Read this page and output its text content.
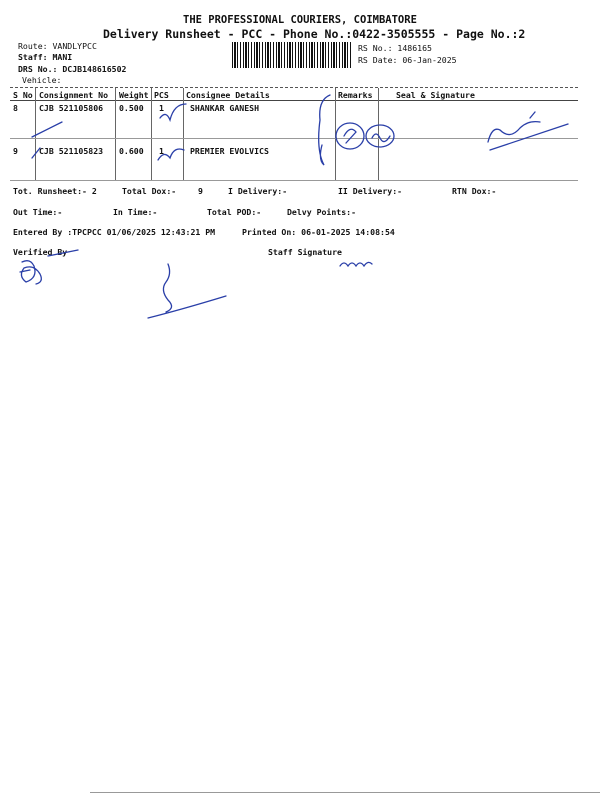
THE PROFESSIONAL COURIERS, COIMBATORE
Delivery Runsheet - PCC - Phone No.:0422-3505555 - Page No.:2
Route: VANDLYPCC
Staff: MANI
DRS No.: DCJB148616502
Vehicle:
RS No.: 1486165
RS Date: 06-Jan-2025
S No Consignment No Weight PCS Consignee Details	Remarks	Seal & Signature
8	CJB 521105806 0.500 1	SHANKAR GANESH
9	CJB 521105823 0.600 1	PREMIER EVOLVICS
Tot. Runsheet:- 2	Total Dox:-	9	I Delivery:-	II Delivery:-	RTN Dox:-
Out Time:-	In Time:-	Total POD:-	Delvy Points:-
Entered By :TPCPCC 01/06/2025 12:43:21 PM	Printed On: 06-01-2025 14:08:54
Verified By	Staff Signature
